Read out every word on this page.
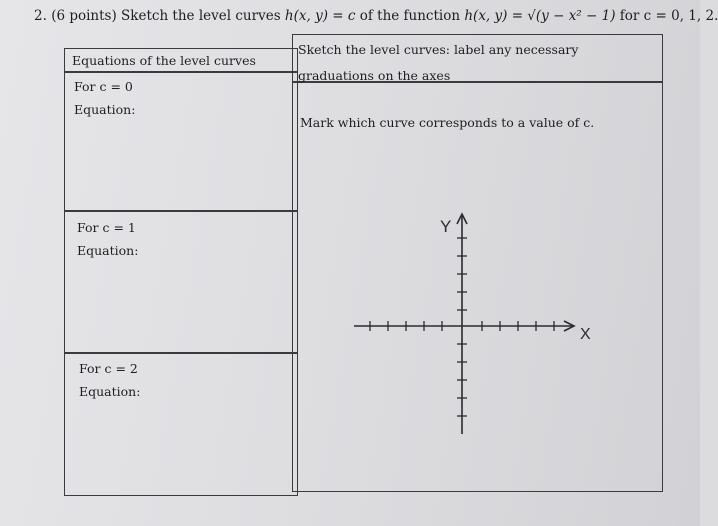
2. (6 points) Sketch the level curves h(x, y) = c of the function h(x, y) = √(y − x² − 1) for c = 0, 1, 2.
Equations of the level curves
For c = 0
Equation:
For c = 1
Equation:
For c = 2
Equation:
Sketch the level curves: label any necessary
graduations on the axes
Mark which curve corresponds to a value of c.
Y
X
